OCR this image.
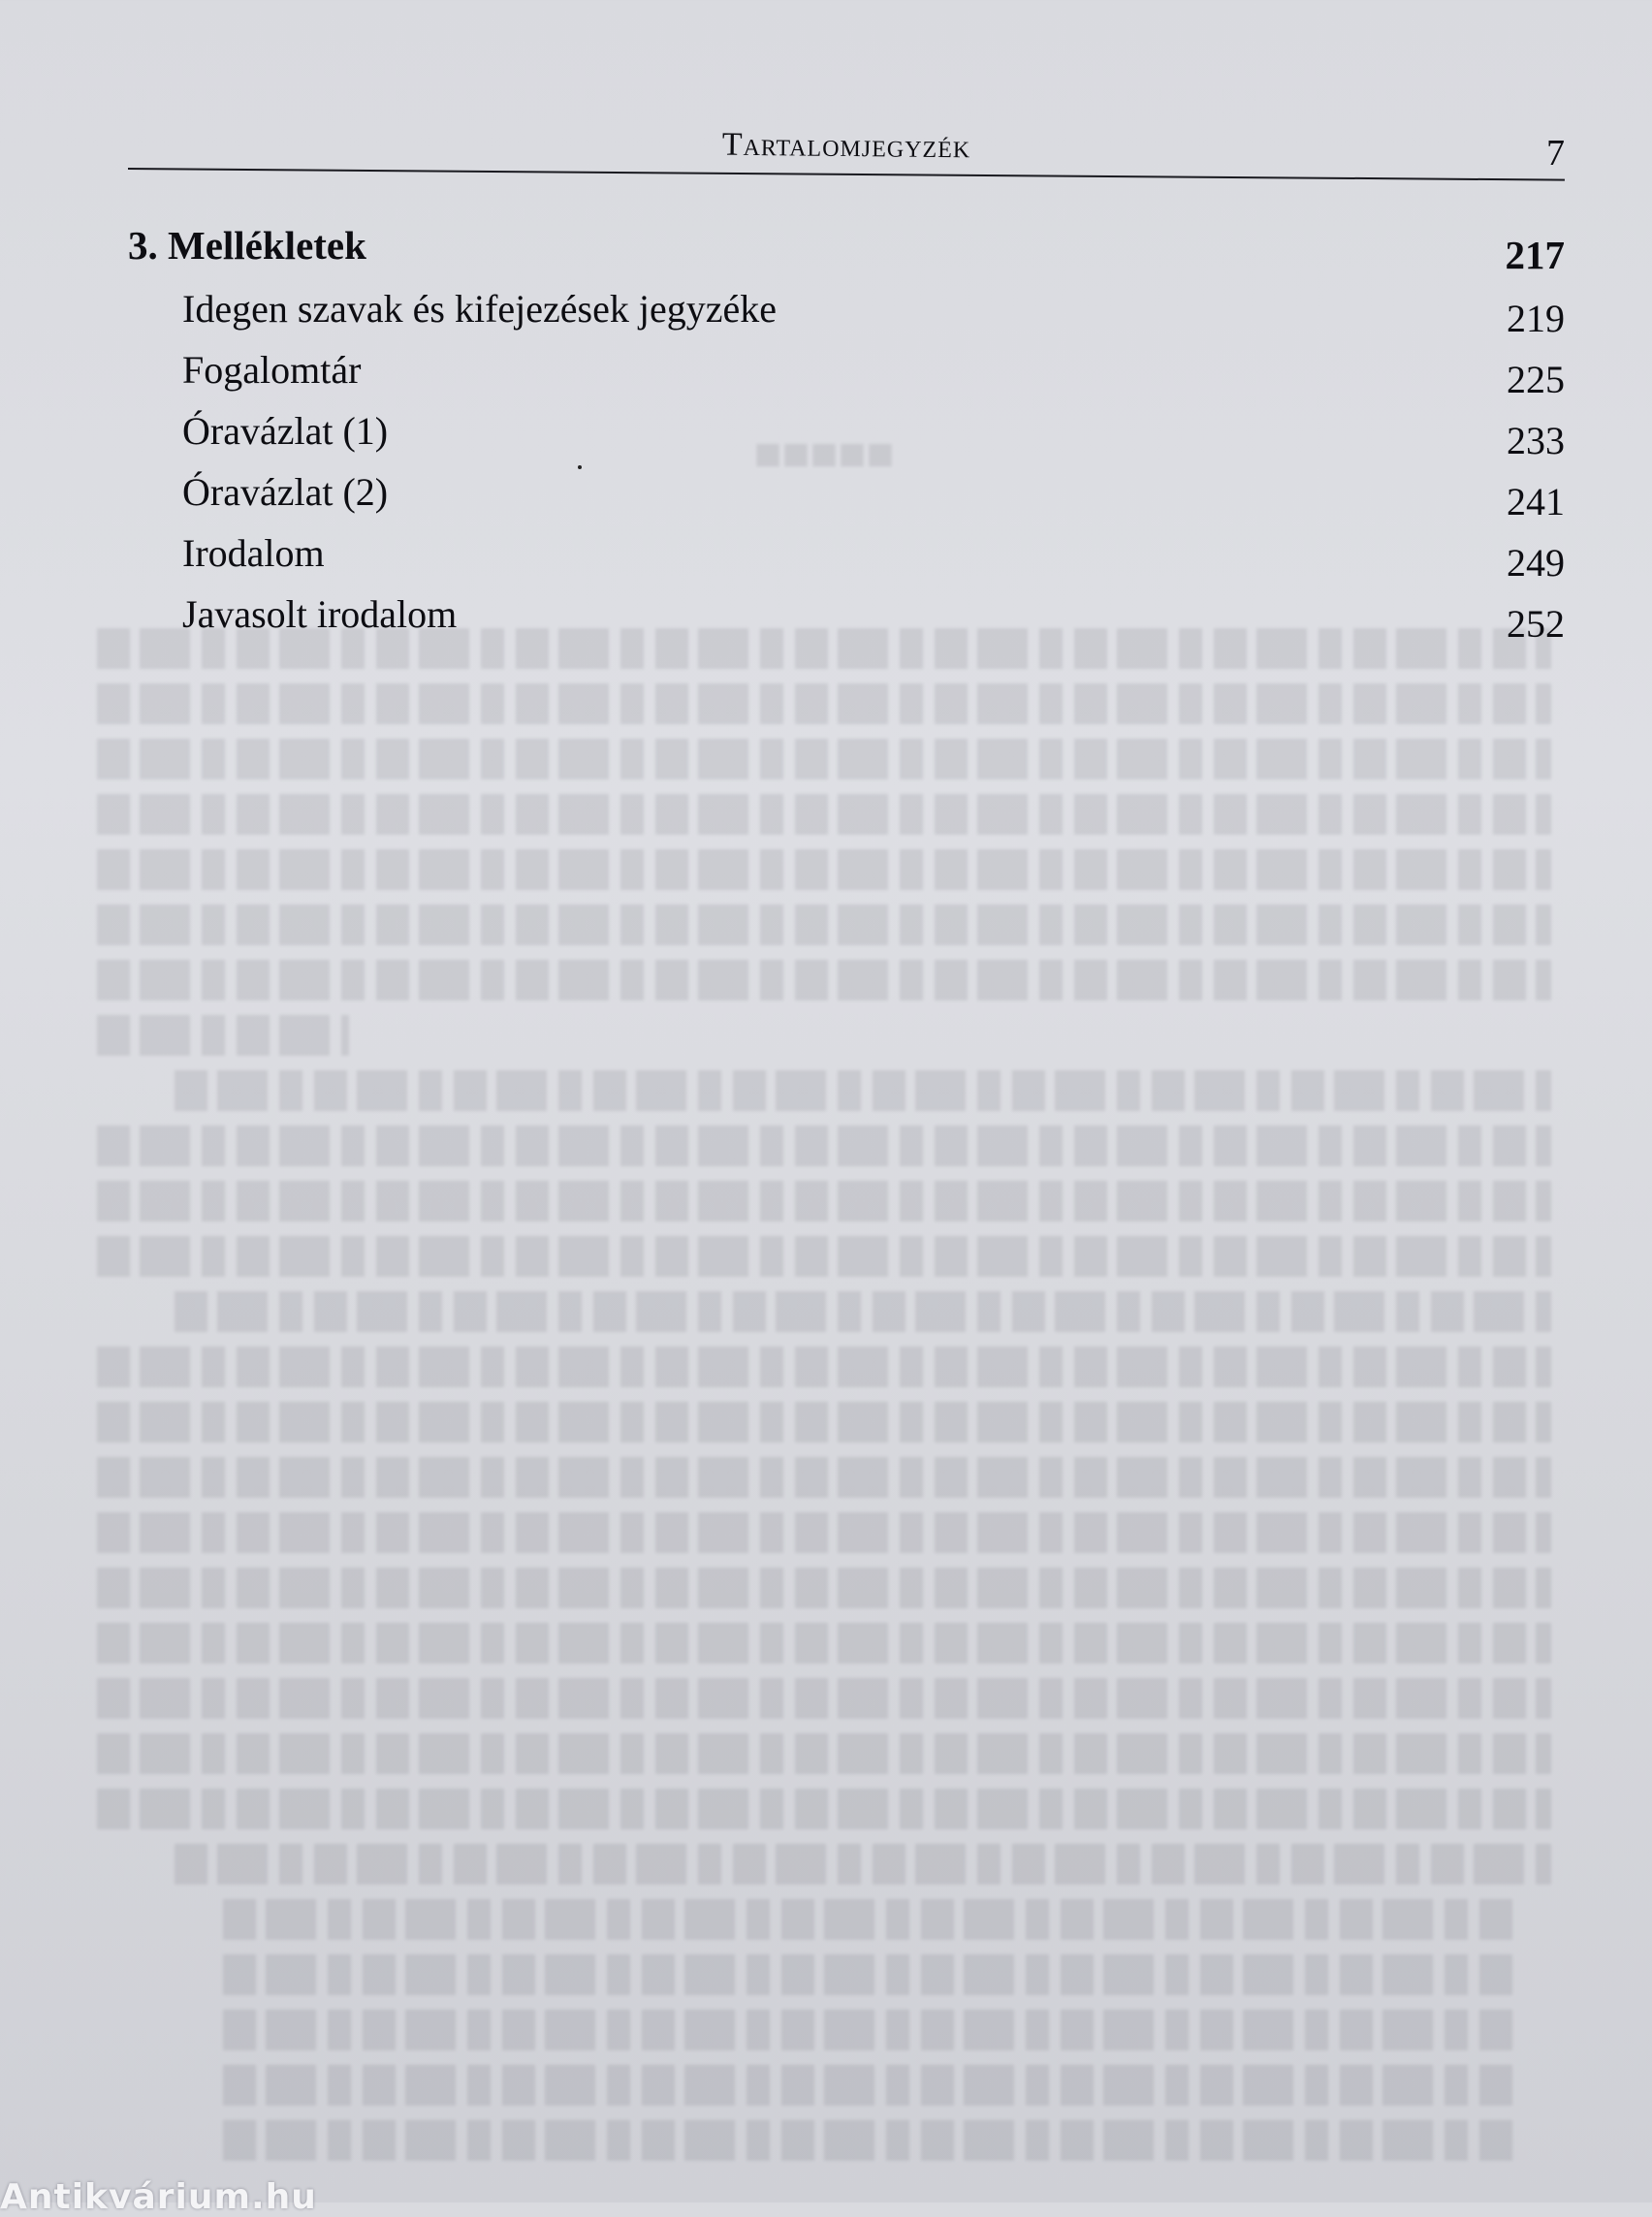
■■■■■
Tartalomjegyzék	7
3. Mellékletek	217
Idegen szavak és kifejezések jegyzéke	219
Fogalomtár	225
Óravázlat (1)	233
Óravázlat (2)	241
Irodalom	249
Javasolt irodalom	252
Antikvárium.hu
